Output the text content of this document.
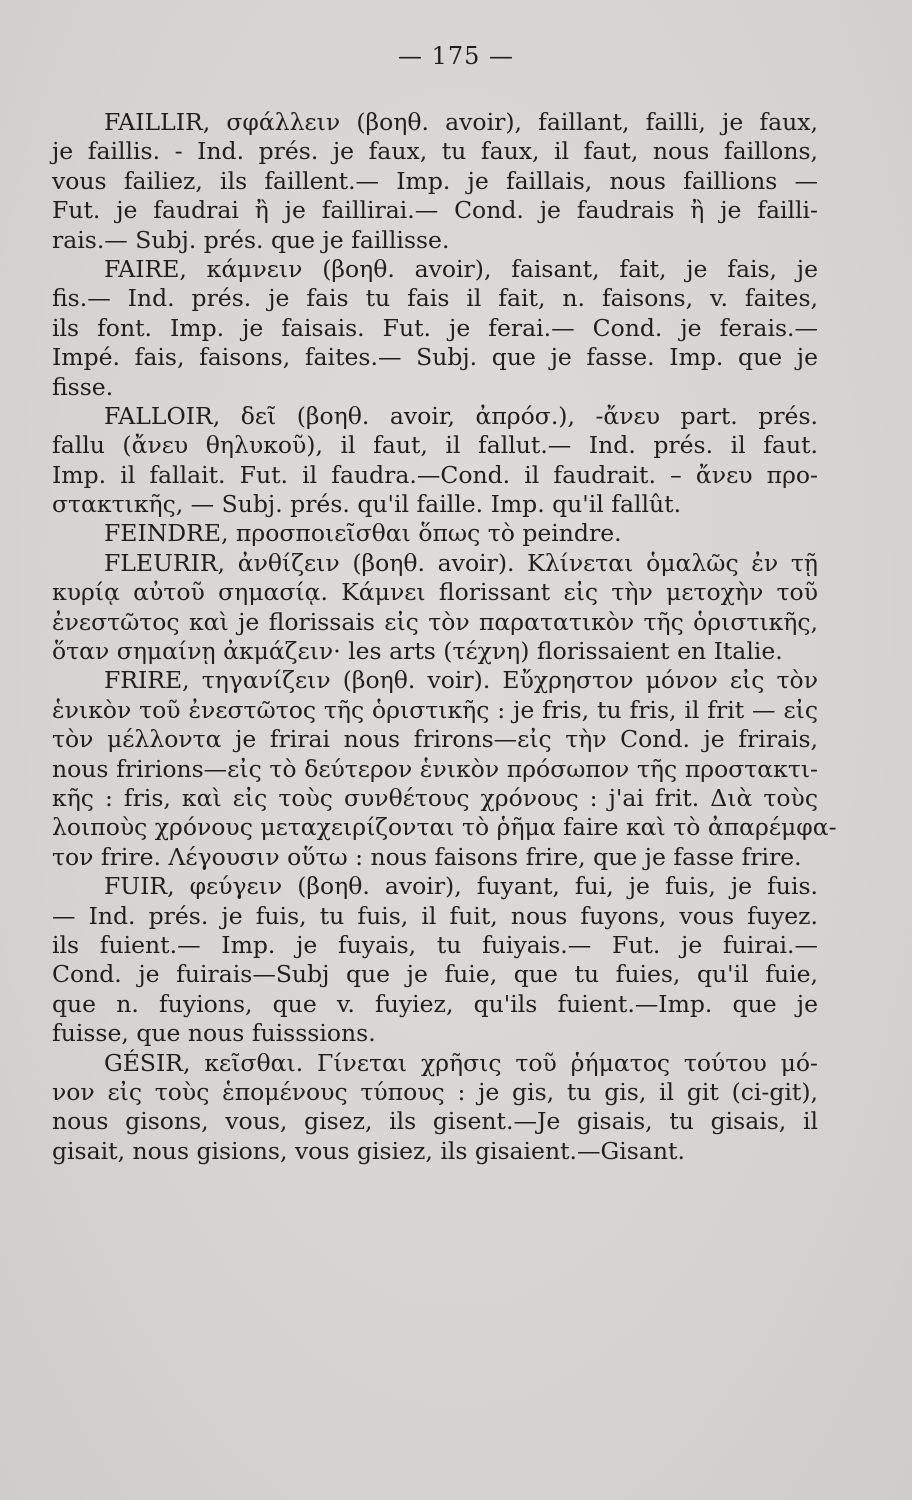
— 175 —
FAILLIR, σφάλλειν (βοηθ. avoir), faillant, failli, je faux,
je faillis. - Ind. prés. je faux, tu faux, il faut, nous faillons,
vous failiez, ils faillent.— Imp. je faillais, nous faillions —
Fut. je faudrai ἢ je faillirai.— Cond. je faudrais ἢ je failli-
rais.— Subj. prés. que je faillisse.
FAIRE, κάμνειν (βοηθ. avoir), faisant, fait, je fais, je
fis.— Ind. prés. je fais tu fais il fait, n. faisons, v. faites,
ils font. Imp. je faisais. Fut. je ferai.— Cond. je ferais.—
Impé. fais, faisons, faites.— Subj. que je fasse. Imp. que je
fisse.
FALLOIR, δεῖ (βοηθ. avoir, ἀπρόσ.), -ἄνευ part. prés.
fallu (ἄνευ θηλυκοῦ), il faut, il fallut.— Ind. prés. il faut.
Imp. il fallait. Fut. il faudra.—Cond. il faudrait. – ἄνευ προ-
στακτικῆς, — Subj. prés. qu'il faille. Imp. qu'il fallût.
FEINDRE, προσποιεῖσθαι ὅπως τὸ peindre.
FLEURIR, ἀνθίζειν (βοηθ. avoir). Κλίνεται ὁμαλῶς ἐν τῇ
κυρίᾳ αὐτοῦ σημασίᾳ. Κάμνει florissant εἰς τὴν μετοχὴν τοῦ
ἐνεστῶτος καὶ je florissais εἰς τὸν παρατατικὸν τῆς ὁριστικῆς,
ὅταν σημαίνῃ ἀκμάζειν· les arts (τέχνη) florissaient en Italie.
FRIRE, τηγανίζειν (βοηθ. voir). Εὔχρηστον μόνον εἰς τὸν
ἑνικὸν τοῦ ἐνεστῶτος τῆς ὁριστικῆς : je fris, tu fris, il frit — εἰς
τὸν μέλλοντα je frirai nous frirons—εἰς τὴν Cond. je frirais,
nous fririons—εἰς τὸ δεύτερον ἑνικὸν πρόσωπον τῆς προστακτι-
κῆς : fris, καὶ εἰς τοὺς συνθέτους χρόνους : j'ai frit. Διὰ τοὺς
λοιποὺς χρόνους μεταχειρίζονται τὸ ῥῆμα faire καὶ τὸ ἀπαρέμφα-
τον frire. Λέγουσιν οὕτω : nous faisons frire, que je fasse frire.
FUIR, φεύγειν (βοηθ. avoir), fuyant, fui, je fuis, je fuis.
— Ind. prés. je fuis, tu fuis, il fuit, nous fuyons, vous fuyez.
ils fuient.— Imp. je fuyais, tu fuiyais.— Fut. je fuirai.—
Cond. je fuirais—Subj que je fuie, que tu fuies, qu'il fuie,
que n. fuyions, que v. fuyiez, qu'ils fuient.—Imp. que je
fuisse, que nous fuisssions.
GÉSIR, κεῖσθαι. Γίνεται χρῆσις τοῦ ῥήματος τούτου μό-
νον εἰς τοὺς ἑπομένους τύπους : je gis, tu gis, il git (ci-git),
nous gisons, vous, gisez, ils gisent.—Je gisais, tu gisais, il
gisait, nous gisions, vous gisiez, ils gisaient.—Gisant.
